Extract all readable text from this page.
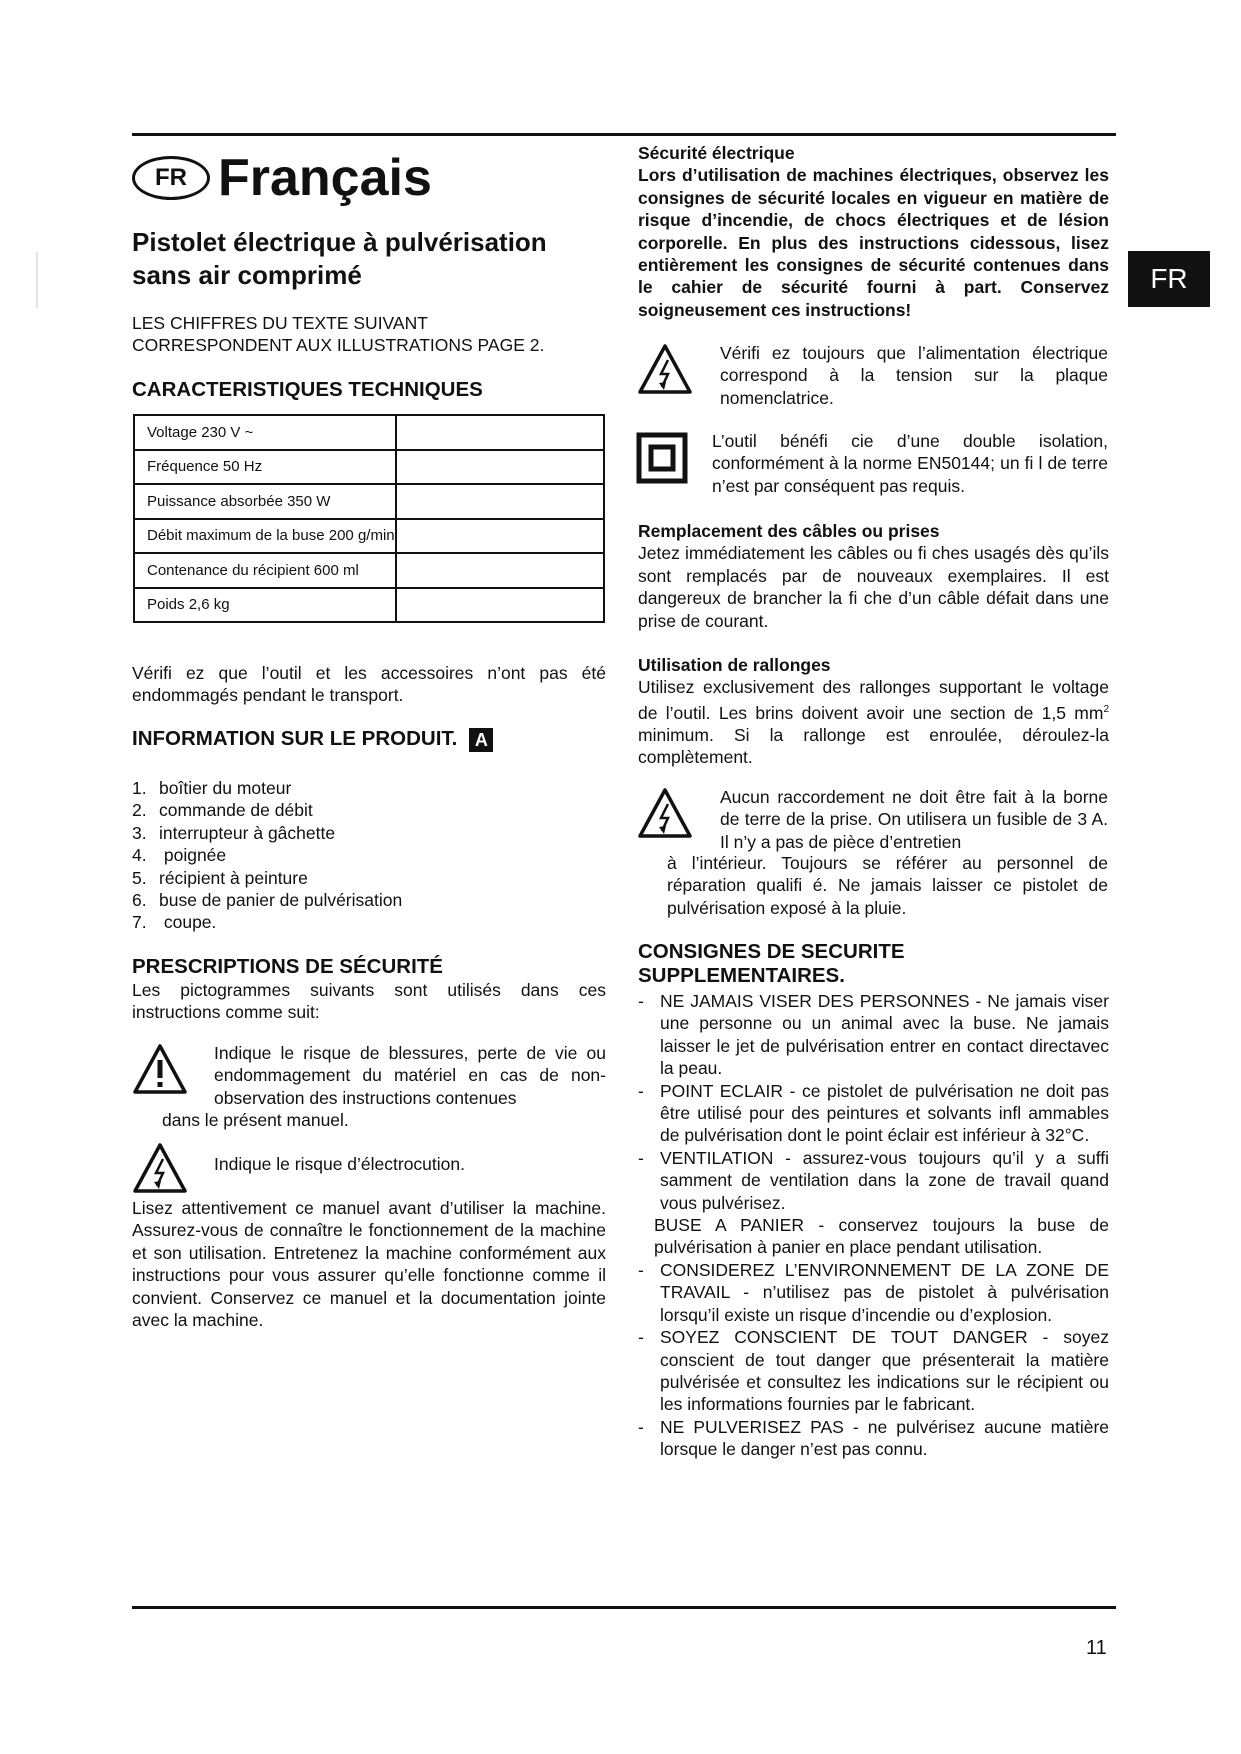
FR Français
FR

Pistolet électrique à pulvérisation

sans air comprimé

LES CHIFFRES DU TEXTE SUIVANT

CORRESPONDENT AUX ILLUSTRATIONS PAGE 2.

CARACTERISTIQUES TECHNIQUES

Voltage 230 V ~	
Fréquence 50 Hz	
Puissance absorbée 350 W	
Débit maximum de la buse 200 g/min	
Contenance du récipient 600 ml	
Poids 2,6 kg	

Vérifi ez que l’outil et les accessoires n’ont pas été endommagés pendant le transport.

INFORMATION SUR LE PRODUIT. A

1. boîtier du moteur
2. commande de débit
3. interrupteur à gâchette
4. poignée
5. récipient à peinture
6. buse de panier de pulvérisation
7. coupe.

PRESCRIPTIONS DE SÉCURITÉ

Les pictogrammes suivants sont utilisés dans ces instructions comme suit:

Indique le risque de blessures, perte de vie ou endommagement du matériel en cas de non-observation des instructions contenues

dans le présent manuel.

Indique le risque d’électrocution.

Lisez attentivement ce manuel avant d’utiliser la machine. Assurez-vous de connaître le fonctionnement de la machine et son utilisation. Entretenez la machine conformément aux instructions pour vous assurer qu’elle fonctionne comme il convient. Conservez ce manuel et la documentation jointe avec la machine.

Sécurité électrique

Lors d’utilisation de machines électriques, observez les consignes de sécurité locales en vigueur en matière de risque d’incendie, de chocs électriques et de lésion corporelle. En plus des instructions cidessous, lisez entièrement les consignes de sécurité contenues dans le cahier de sécurité fourni à part. Conservez soigneusement ces instructions!

Vérifi ez toujours que l’alimentation électrique correspond à la tension sur la plaque nomenclatrice.

L’outil bénéfi cie d’une double isolation, conformément à la norme EN50144; un fi l de terre n’est par conséquent pas requis.

Remplacement des câbles ou prises

Jetez immédiatement les câbles ou fi ches usagés dès qu’ils sont remplacés par de nouveaux exemplaires. Il est dangereux de brancher la fi che d’un câble défait dans une prise de courant.

Utilisation de rallonges

Utilisez exclusivement des rallonges supportant le voltage de l’outil. Les brins doivent avoir une section de 1,5 $mm^2$ minimum. Si la rallonge est enroulée, déroulez-la complètement.

Aucun raccordement ne doit être fait à la borne de terre de la prise. On utilisera un fusible de 3 A. Il n’y a pas de pièce d’entretien

à l’intérieur. Toujours se référer au personnel de réparation qualifi é. Ne jamais laisser ce pistolet de pulvérisation exposé à la pluie.

CONSIGNES DE SECURITE

SUPPLEMENTAIRES.

- NE JAMAIS VISER DES PERSONNES - Ne jamais viser une personne ou un animal avec la buse. Ne jamais laisser le jet de pulvérisation entrer en contact directavec la peau.
- POINT ECLAIR - ce pistolet de pulvérisation ne doit pas être utilisé pour des peintures et solvants infl ammables de pulvérisation dont le point éclair est inférieur à 32°C.
- VENTILATION - assurez-vous toujours qu’il y a suffi samment de ventilation dans la zone de travail quand vous pulvérisez.
BUSE A PANIER - conservez toujours la buse de pulvérisation à panier en place pendant utilisation.
- CONSIDEREZ L’ENVIRONNEMENT DE LA ZONE DE TRAVAIL - n’utilisez pas de pistolet à pulvérisation lorsqu’il existe un risque d’incendie ou d’explosion.
- SOYEZ CONSCIENT DE TOUT DANGER - soyez conscient de tout danger que présenterait la matière pulvérisée et consultez les indications sur le récipient ou les informations fournies par le fabricant.
- NE PULVERISEZ PAS - ne pulvérisez aucune matière lorsque le danger n’est pas connu.
11
